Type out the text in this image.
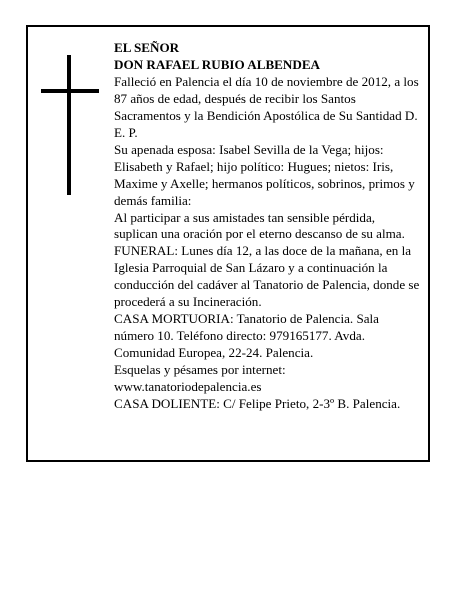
EL SEÑOR

DON RAFAEL RUBIO ALBENDEA

Falleció en Palencia el día 10 de noviembre de 2012, a los 87 años de edad, después de recibir los Santos Sacramentos y la Bendición Apostólica de Su Santidad D. E. P.

Su apenada esposa: Isabel Sevilla de la Vega; hijos: Elisabeth y Rafael; hijo político: Hugues; nietos: Iris, Maxime y Axelle; hermanos políticos, sobrinos, primos y demás familia:

Al participar a sus amistades tan sensible pérdida, suplican una oración por el eterno descanso de su alma.

FUNERAL: Lunes día 12, a las doce de la mañana, en la Iglesia Parroquial de San Lázaro y a continuación la conducción del cadáver al Tanatorio de Palencia, donde se procederá a su Incineración.

CASA MORTUORIA: Tanatorio de Palencia. Sala número 10. Teléfono directo: 979165177. Avda. Comunidad Europea, 22-24. Palencia.

Esquelas y pésames por internet:

www.tanatoriodepalencia.es

CASA DOLIENTE: C/ Felipe Prieto, 2-3º B. Palencia.
